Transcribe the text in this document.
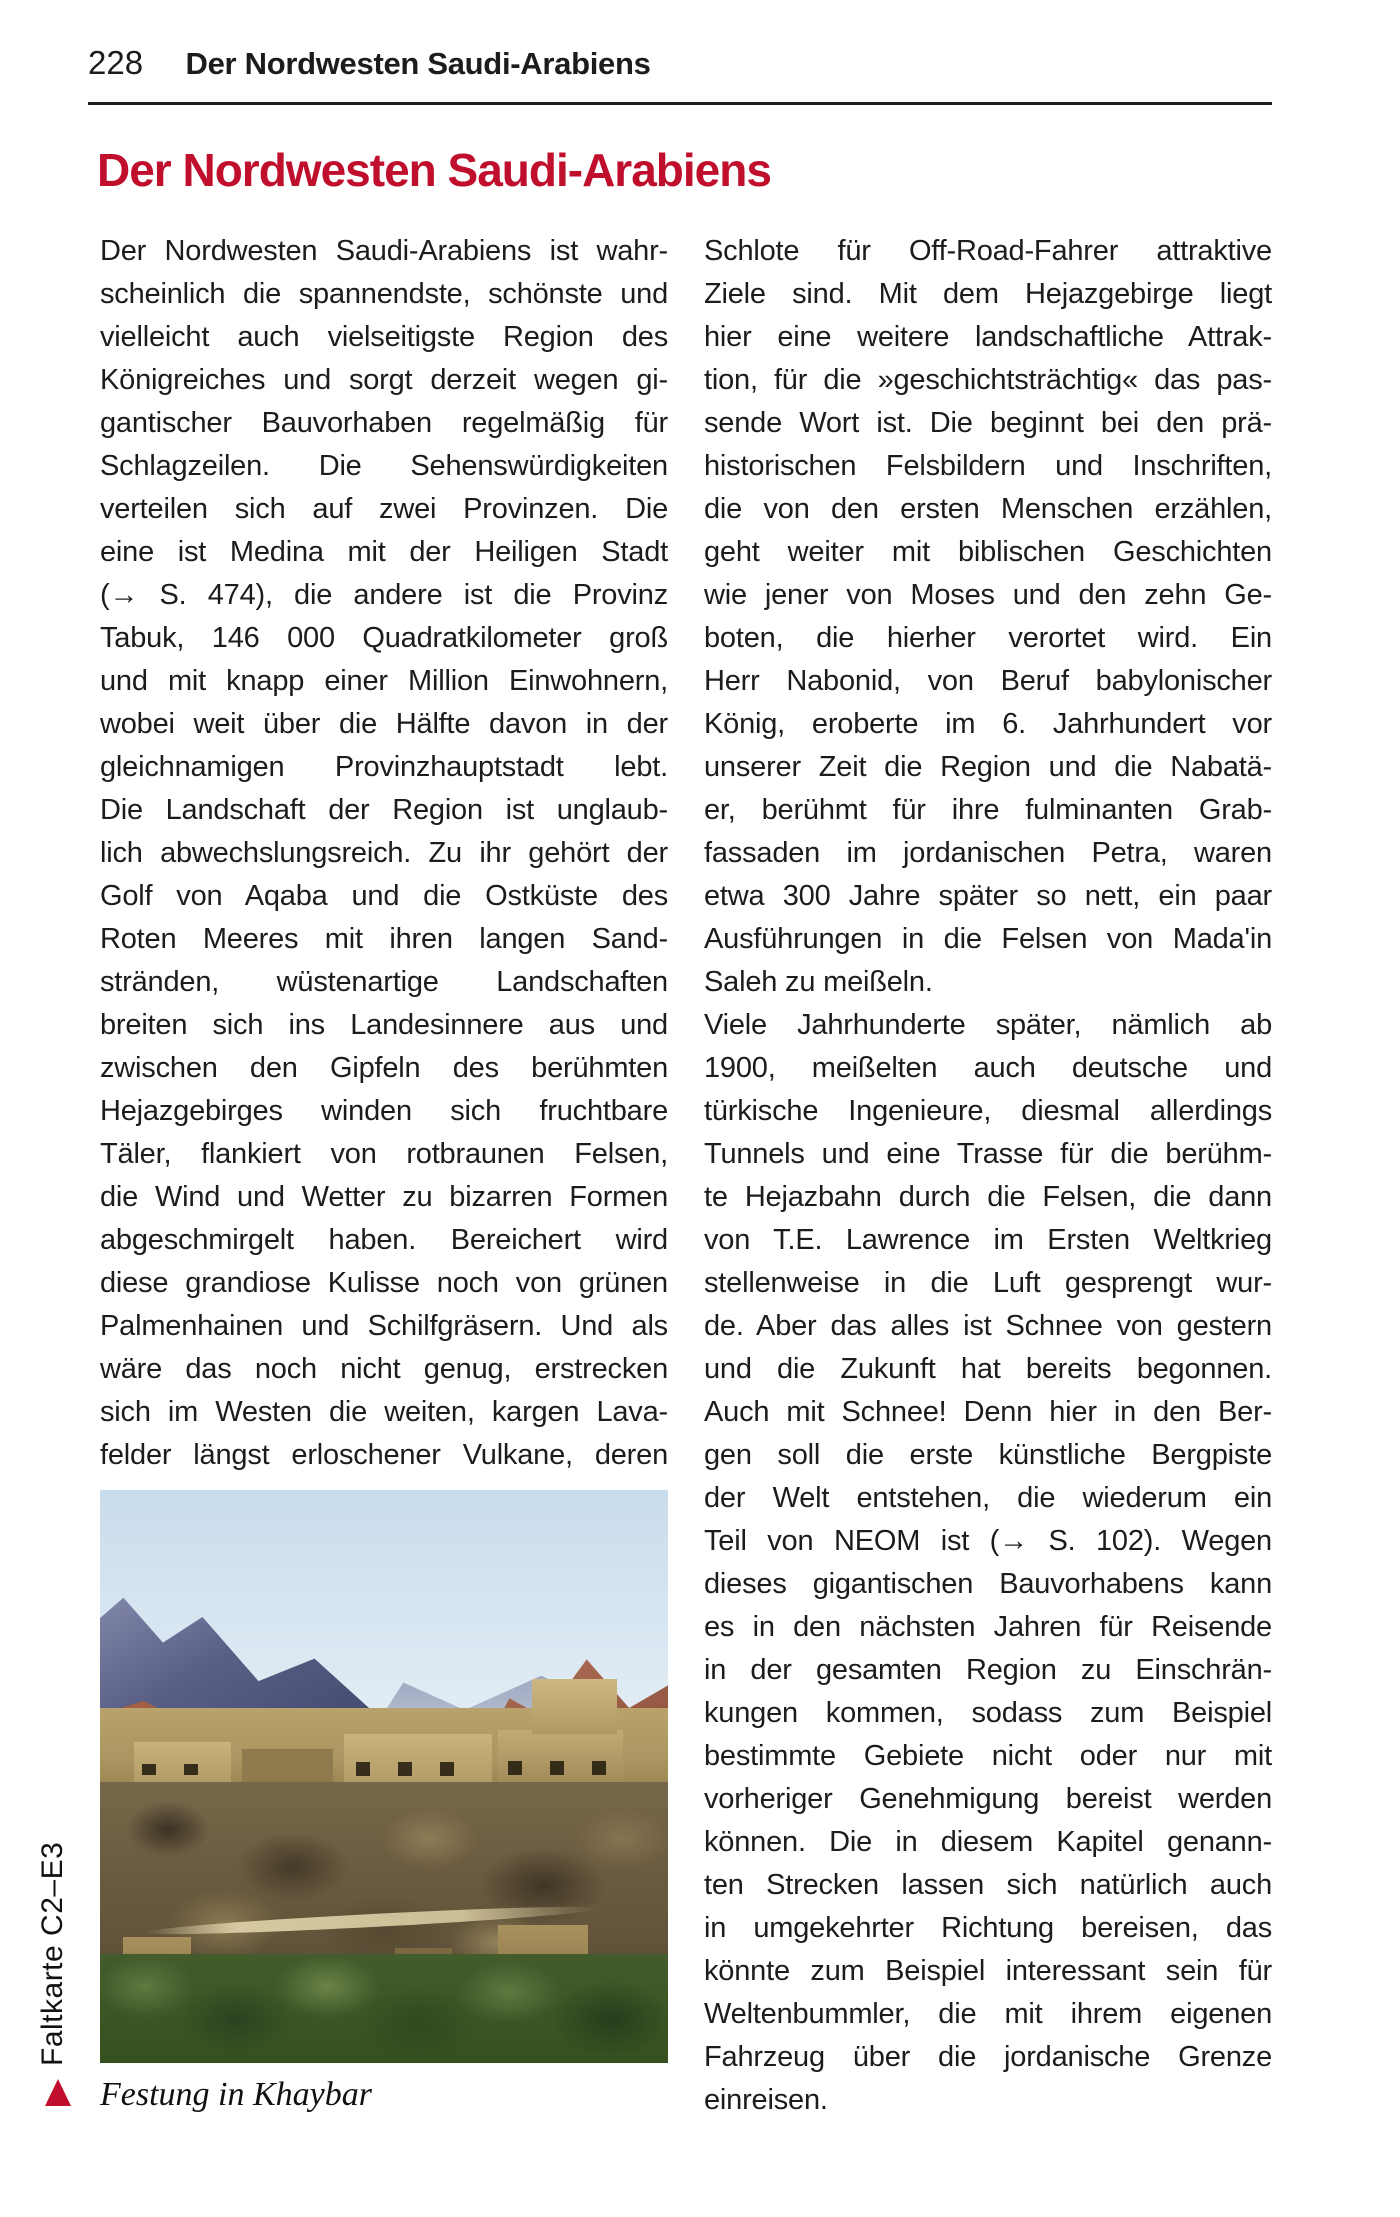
228 Der Nordwesten Saudi-Arabiens
Der Nordwesten Saudi-Arabiens
Der Nordwesten Saudi-Arabiens ist wahr-
scheinlich die spannendste, schönste und
vielleicht auch vielseitigste Region des
Königreiches und sorgt derzeit wegen gi-
gantischer Bauvorhaben regelmäßig für
Schlagzeilen. Die Sehenswürdigkeiten
verteilen sich auf zwei Provinzen. Die
eine ist Medina mit der Heiligen Stadt
(→ S. 474), die andere ist die Provinz
Tabuk, 146 000 Quadratkilometer groß
und mit knapp einer Million Einwohnern,
wobei weit über die Hälfte davon in der
gleichnamigen Provinzhauptstadt lebt.
Die Landschaft der Region ist unglaub-
lich abwechslungsreich. Zu ihr gehört der
Golf von Aqaba und die Ostküste des
Roten Meeres mit ihren langen Sand-
stränden, wüstenartige Landschaften
breiten sich ins Landesinnere aus und
zwischen den Gipfeln des berühmten
Hejazgebirges winden sich fruchtbare
Täler, flankiert von rotbraunen Felsen,
die Wind und Wetter zu bizarren Formen
abgeschmirgelt haben. Bereichert wird
diese grandiose Kulisse noch von grünen
Palmenhainen und Schilfgräsern. Und als
wäre das noch nicht genug, erstrecken
sich im Westen die weiten, kargen Lava-
felder längst erloschener Vulkane, deren
Schlote für Off-Road-Fahrer attraktive
Ziele sind. Mit dem Hejazgebirge liegt
hier eine weitere landschaftliche Attrak-
tion, für die »geschichtsträchtig« das pas-
sende Wort ist. Die beginnt bei den prä-
historischen Felsbildern und Inschriften,
die von den ersten Menschen erzählen,
geht weiter mit biblischen Geschichten
wie jener von Moses und den zehn Ge-
boten, die hierher verortet wird. Ein
Herr Nabonid, von Beruf babylonischer
König, eroberte im 6. Jahrhundert vor
unserer Zeit die Region und die Nabatä-
er, berühmt für ihre fulminanten Grab-
fassaden im jordanischen Petra, waren
etwa 300 Jahre später so nett, ein paar
Ausführungen in die Felsen von Mada'in
Saleh zu meißeln.
Viele Jahrhunderte später, nämlich ab
1900, meißelten auch deutsche und
türkische Ingenieure, diesmal allerdings
Tunnels und eine Trasse für die berühm-
te Hejazbahn durch die Felsen, die dann
von T.E. Lawrence im Ersten Weltkrieg
stellenweise in die Luft gesprengt wur-
de. Aber das alles ist Schnee von gestern
und die Zukunft hat bereits begonnen.
Auch mit Schnee! Denn hier in den Ber-
gen soll die erste künstliche Bergpiste
der Welt entstehen, die wiederum ein
Teil von NEOM ist (→ S. 102). Wegen
dieses gigantischen Bauvorhabens kann
es in den nächsten Jahren für Reisende
in der gesamten Region zu Einschrän-
kungen kommen, sodass zum Beispiel
bestimmte Gebiete nicht oder nur mit
vorheriger Genehmigung bereist werden
können. Die in diesem Kapitel genann-
ten Strecken lassen sich natürlich auch
in umgekehrter Richtung bereisen, das
könnte zum Beispiel interessant sein für
Weltenbummler, die mit ihrem eigenen
Fahrzeug über die jordanische Grenze
einreisen.
Festung in Khaybar
Faltkarte C2–E3
